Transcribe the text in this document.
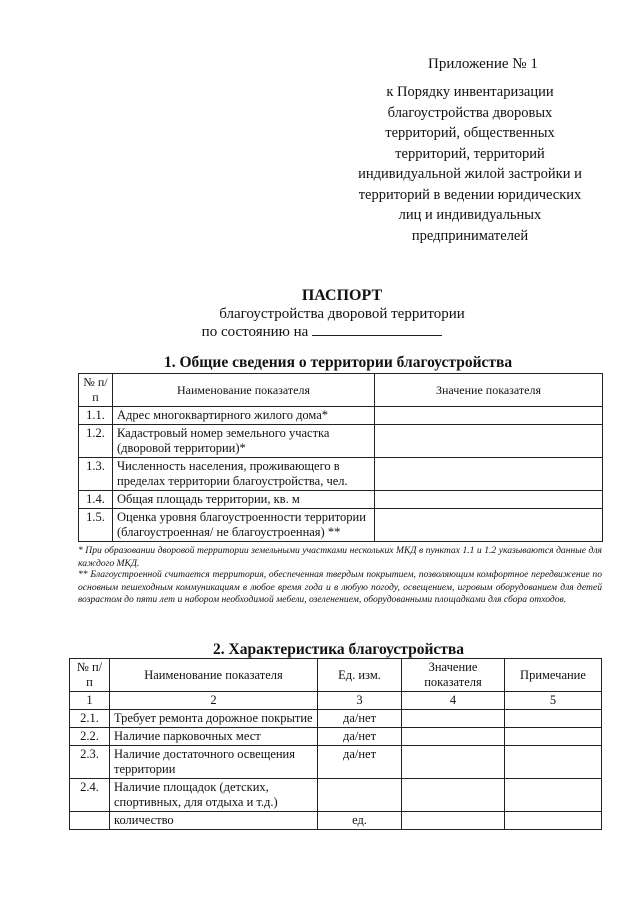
Приложение № 1
к Порядку инвентаризации
благоустройства дворовых
территорий, общественных
территорий, территорий
индивидуальной жилой застройки и
территорий в ведении юридических
лиц и индивидуальных
предпринимателей
ПАСПОРТ
благоустройства дворовой территории
по состоянию на
1. Общие сведения о территории благоустройства
№ п/п	Наименование показателя	Значение показателя
1.1.	Адрес многоквартирного жилого дома*	
1.2.	Кадастровый номер земельного участка (дворовой территории)*	
1.3.	Численность населения, проживающего в пределах территории благоустройства, чел.	
1.4.	Общая площадь территории, кв. м	
1.5.	Оценка уровня благоустроенности территории (благоустроенная/ не благоустроенная) **	
* При образовании дворовой территории земельными участками нескольких МКД в пунктах 1.1 и 1.2 указываются данные для каждого МКД.
** Благоустроенной считается территория, обеспеченная твердым покрытием, позволяющим комфортное передвижение по основным пешеходным коммуникациям в любое время года и в любую погоду, освещением, игровым оборудованием для детей возрастом до пяти лет и набором необходимой мебели, озеленением, оборудованными площадками для сбора отходов.
2. Характеристика благоустройства
№ п/п	Наименование показателя	Ед. изм.	Значение показателя	Примечание
1	2	3	4	5
2.1.	Требует ремонта дорожное покрытие	да/нет		
2.2.	Наличие парковочных мест	да/нет		
2.3.	Наличие достаточного освещения территории	да/нет		
2.4.	Наличие площадок (детских, спортивных, для отдыха и т.д.)			
	количество	ед.		
